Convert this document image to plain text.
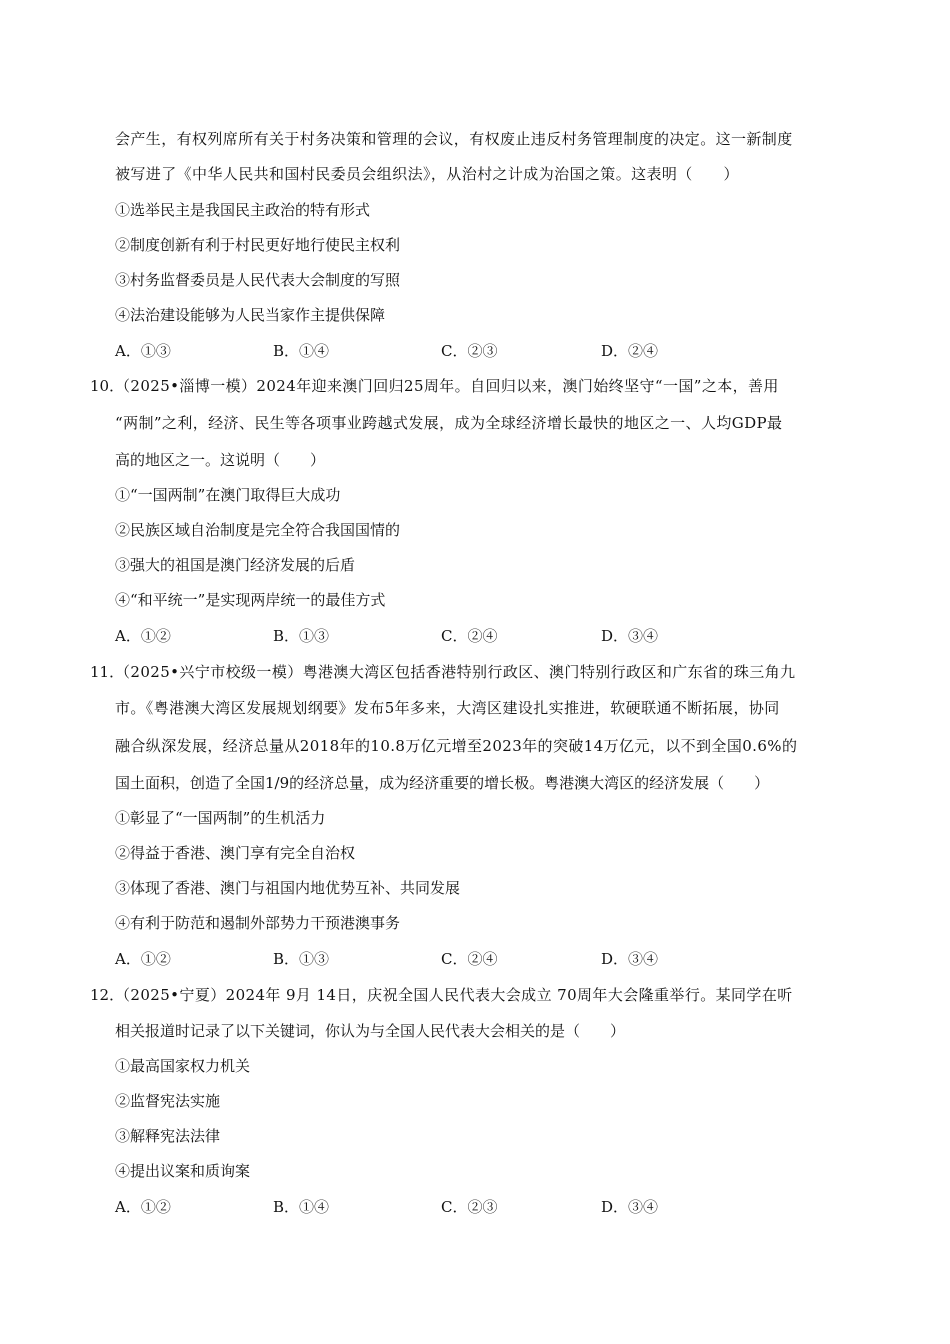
会产生，有权列席所有关于村务决策和管理的会议，有权废止违反村务管理制度的决定。这一新制度
被写进了《中华人民共和国村民委员会组织法》，从治村之计成为治国之策。这表明（　　）
①选举民主是我国民主政治的特有形式
②制度创新有利于村民更好地行使民主权利
③村务监督委员是人民代表大会制度的写照
④法治建设能够为人民当家作主提供保障
A．①③	B．①④	C．②③	D．②④
10．
（2025•淄博一模）2024年迎来澳门回归25周年。自回归以来，澳门始终坚守“一国”之本，善用
“两制”之利，经济、民生等各项事业跨越式发展，成为全球经济增长最快的地区之一、人均GDP最
高的地区之一。这说明（　　）
①“一国两制”在澳门取得巨大成功
②民族区域自治制度是完全符合我国国情的
③强大的祖国是澳门经济发展的后盾
④“和平统一”是实现两岸统一的最佳方式
A．①②	B．①③	C．②④	D．③④
11．
（2025•兴宁市校级一模）粤港澳大湾区包括香港特别行政区、澳门特别行政区和广东省的珠三角九
市。《粤港澳大湾区发展规划纲要》发布5年多来，大湾区建设扎实推进，软硬联通不断拓展，协同
融合纵深发展，经济总量从2018年的10.8万亿元增至2023年的突破14万亿元，以不到全国0.6%的
国土面积，创造了全国1/9的经济总量，成为经济重要的增长极。粤港澳大湾区的经济发展（　　）
①彰显了“一国两制”的生机活力
②得益于香港、澳门享有完全自治权
③体现了香港、澳门与祖国内地优势互补、共同发展
④有利于防范和遏制外部势力干预港澳事务
A．①②	B．①③	C．②④	D．③④
12．
（2025•宁夏）2024年 9月 14日，庆祝全国人民代表大会成立 70周年大会隆重举行。某同学在听
相关报道时记录了以下关键词，你认为与全国人民代表大会相关的是（　　）
①最高国家权力机关
②监督宪法实施
③解释宪法法律
④提出议案和质询案
A．①②	B．①④	C．②③	D．③④
